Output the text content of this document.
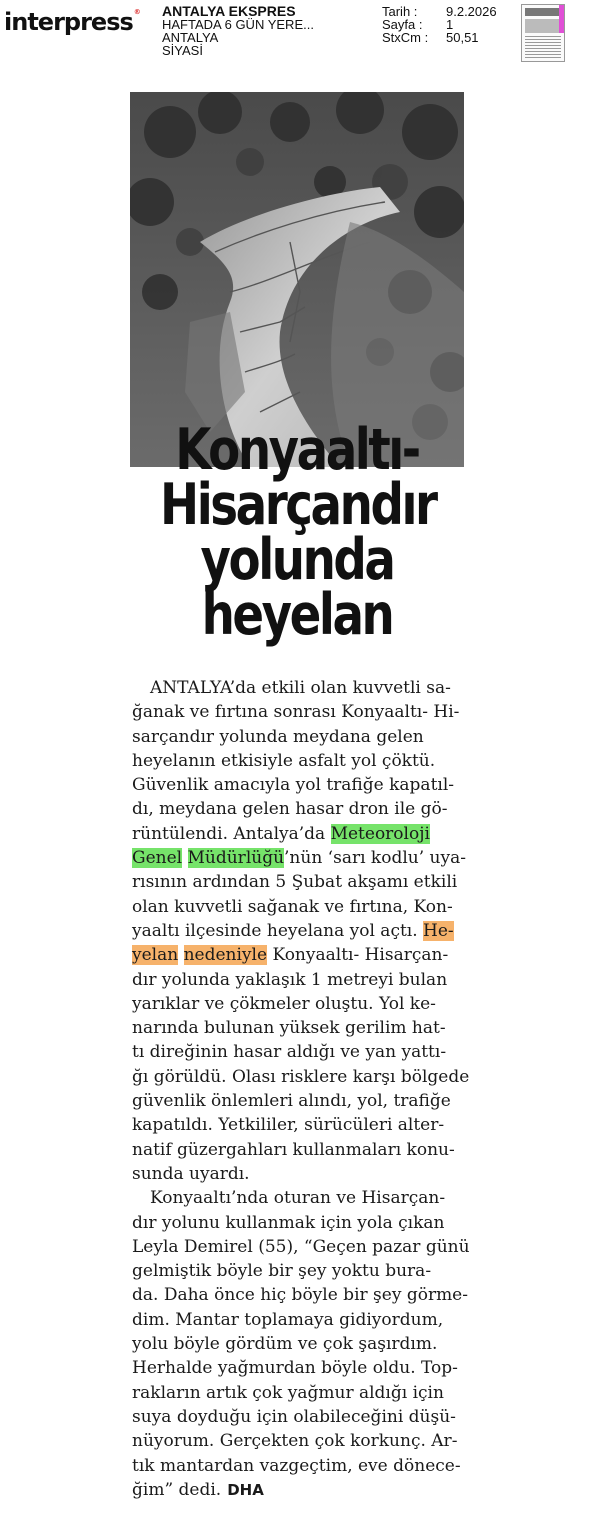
interpress® ANTALYA EKSPRES
HAFTADA 6 GÜN YERE...
ANTALYA
SİYASİ
Tarih :	9.2.2026
Sayfa :	1
StxCm :	50,51
Konyaaltı-
Hisarçandır
yolunda
heyelan
ANTALYA’da etkili olan kuvvetli sa-
ğanak ve fırtına sonrası Konyaaltı- Hi-
sarçandır yolunda meydana gelen
heyelanın etkisiyle asfalt yol çöktü.
Güvenlik amacıyla yol trafiğe kapatıl-
dı, meydana gelen hasar dron ile gö-
rüntülendi. Antalya’da Meteoroloji
Genel Müdürlüğü’nün ‘sarı kodlu’ uya-
rısının ardından 5 Şubat akşamı etkili
olan kuvvetli sağanak ve fırtına, Kon-
yaaltı ilçesinde heyelana yol açtı. He-
yelan nedeniyle Konyaaltı- Hisarçan-
dır yolunda yaklaşık 1 metreyi bulan
yarıklar ve çökmeler oluştu. Yol ke-
narında bulunan yüksek gerilim hat-
tı direğinin hasar aldığı ve yan yattı-
ğı görüldü. Olası risklere karşı bölgede
güvenlik önlemleri alındı, yol, trafiğe
kapatıldı. Yetkililer, sürücüleri alter-
natif güzergahları kullanmaları konu-
sunda uyardı.
Konyaaltı’nda oturan ve Hisarçan-
dır yolunu kullanmak için yola çıkan
Leyla Demirel (55), “Geçen pazar günü
gelmiştik böyle bir şey yoktu bura-
da. Daha önce hiç böyle bir şey görme-
dim. Mantar toplamaya gidiyordum,
yolu böyle gördüm ve çok şaşırdım.
Herhalde yağmurdan böyle oldu. Top-
rakların artık çok yağmur aldığı için
suya doyduğu için olabileceğini düşü-
nüyorum. Gerçekten çok korkunç. Ar-
tık mantardan vazgeçtim, eve dönece-
ğim” dedi. DHA
